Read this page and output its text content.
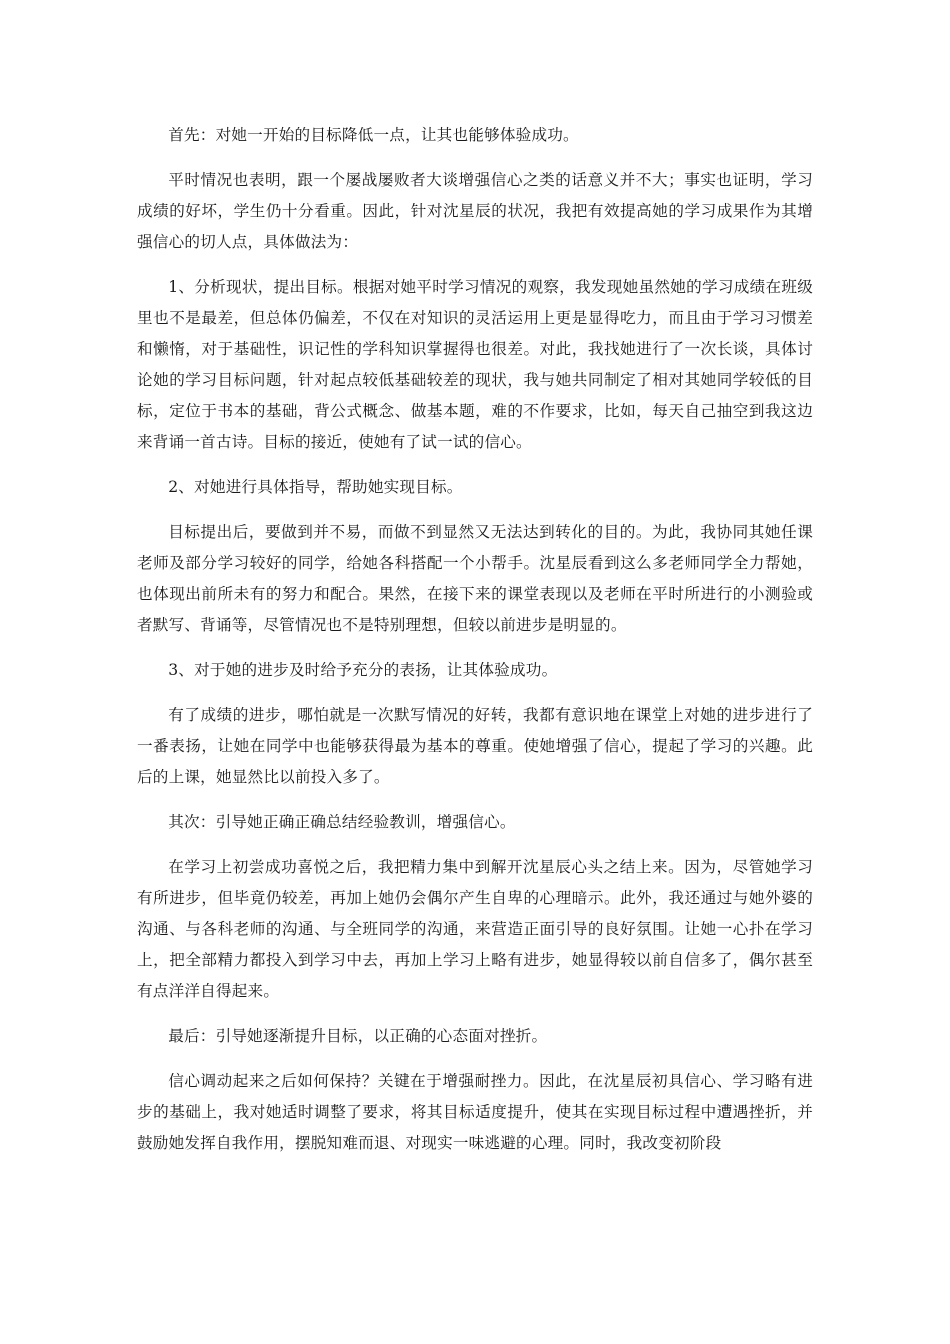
首先：对她一开始的目标降低一点，让其也能够体验成功。

平时情况也表明，跟一个屡战屡败者大谈增强信心之类的话意义并不大；事实也证明，学习成绩的好坏，学生仍十分看重。因此，针对沈星辰的状况，我把有效提高她的学习成果作为其增强信心的切人点，具体做法为：

1、分析现状，提出目标。根据对她平时学习情况的观察，我发现她虽然她的学习成绩在班级里也不是最差，但总体仍偏差，不仅在对知识的灵活运用上更是显得吃力，而且由于学习习惯差和懒惰，对于基础性，识记性的学科知识掌握得也很差。对此，我找她进行了一次长谈，具体讨论她的学习目标问题，针对起点较低基础较差的现状，我与她共同制定了相对其她同学较低的目标，定位于书本的基础，背公式概念、做基本题，难的不作要求，比如，每天自己抽空到我这边来背诵一首古诗。目标的接近，使她有了试一试的信心。

2、对她进行具体指导，帮助她实现目标。

目标提出后，要做到并不易，而做不到显然又无法达到转化的目的。为此，我协同其她任课老师及部分学习较好的同学，给她各科搭配一个小帮手。沈星辰看到这么多老师同学全力帮她，也体现出前所未有的努力和配合。果然，在接下来的课堂表现以及老师在平时所进行的小测验或者默写、背诵等，尽管情况也不是特别理想，但较以前进步是明显的。

3、对于她的进步及时给予充分的表扬，让其体验成功。

有了成绩的进步，哪怕就是一次默写情况的好转，我都有意识地在课堂上对她的进步进行了一番表扬，让她在同学中也能够获得最为基本的尊重。使她增强了信心，提起了学习的兴趣。此后的上课，她显然比以前投入多了。

其次：引导她正确正确总结经验教训，增强信心。

在学习上初尝成功喜悦之后，我把精力集中到解开沈星辰心头之结上来。因为，尽管她学习有所进步，但毕竟仍较差，再加上她仍会偶尔产生自卑的心理暗示。此外，我还通过与她外婆的沟通、与各科老师的沟通、与全班同学的沟通，来营造正面引导的良好氛围。让她一心扑在学习上，把全部精力都投入到学习中去，再加上学习上略有进步，她显得较以前自信多了，偶尔甚至有点洋洋自得起来。

最后：引导她逐渐提升目标，以正确的心态面对挫折。

信心调动起来之后如何保持？关键在于增强耐挫力。因此，在沈星辰初具信心、学习略有进步的基础上，我对她适时调整了要求，将其目标适度提升，使其在实现目标过程中遭遇挫折，并鼓励她发挥自我作用，摆脱知难而退、对现实一味逃避的心理。同时，我改变初阶段
